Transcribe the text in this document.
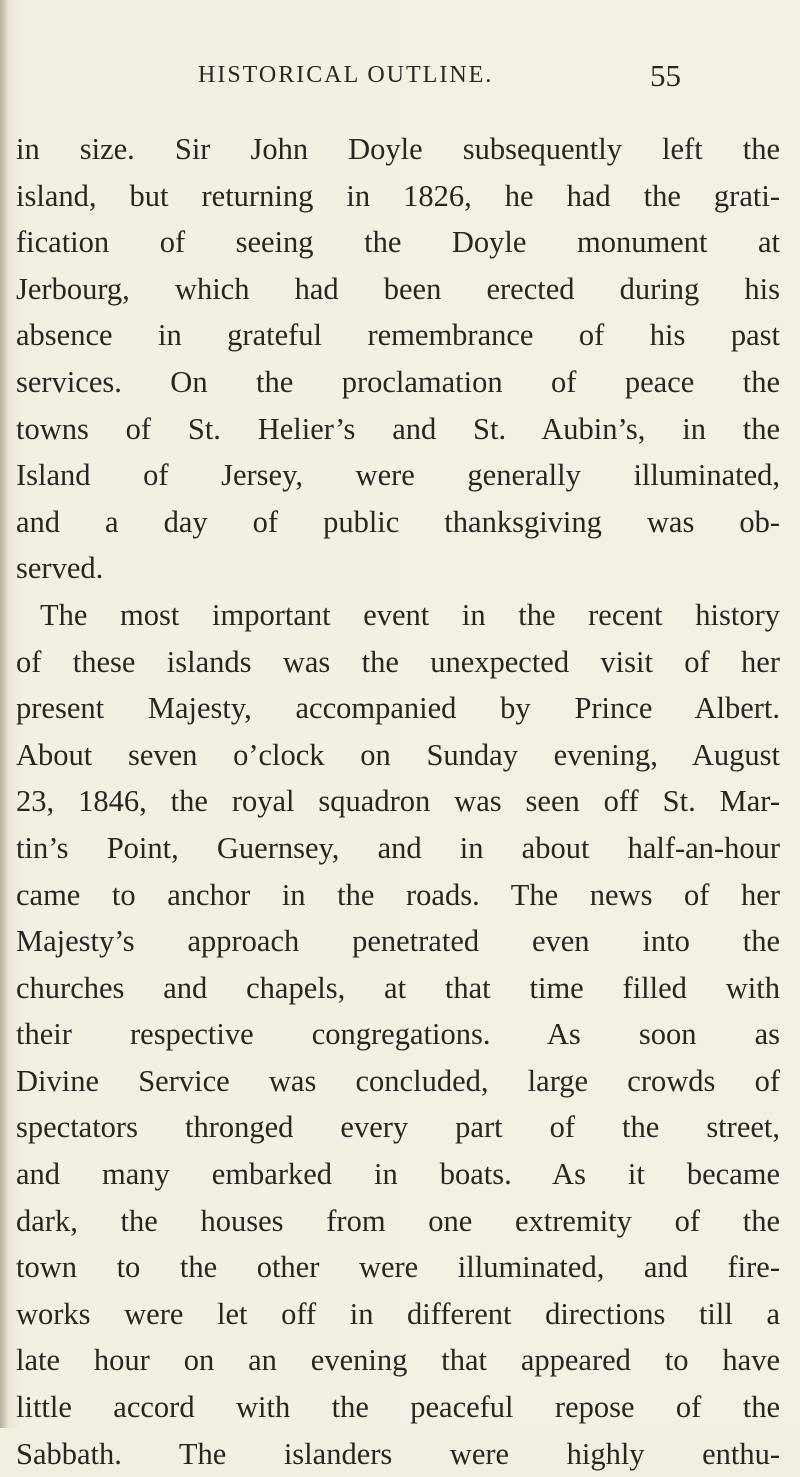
HISTORICAL OUTLINE.	55
in size. Sir John Doyle subsequently left the
island, but returning in 1826, he had the grati-
fication of seeing the Doyle monument at
Jerbourg, which had been erected during his
absence in grateful remembrance of his past
services. On the proclamation of peace the
towns of St. Helier’s and St. Aubin’s, in the
Island of Jersey, were generally illuminated,
and a day of public thanksgiving was ob-
served.
The most important event in the recent history
of these islands was the unexpected visit of her
present Majesty, accompanied by Prince Albert.
About seven o’clock on Sunday evening, August
23, 1846, the royal squadron was seen off St. Mar-
tin’s Point, Guernsey, and in about half-an-hour
came to anchor in the roads. The news of her
Majesty’s approach penetrated even into the
churches and chapels, at that time filled with
their respective congregations. As soon as
Divine Service was concluded, large crowds of
spectators thronged every part of the street,
and many embarked in boats. As it became
dark, the houses from one extremity of the
town to the other were illuminated, and fire-
works were let off in different directions till a
late hour on an evening that appeared to have
little accord with the peaceful repose of the
Sabbath. The islanders were highly enthu-
